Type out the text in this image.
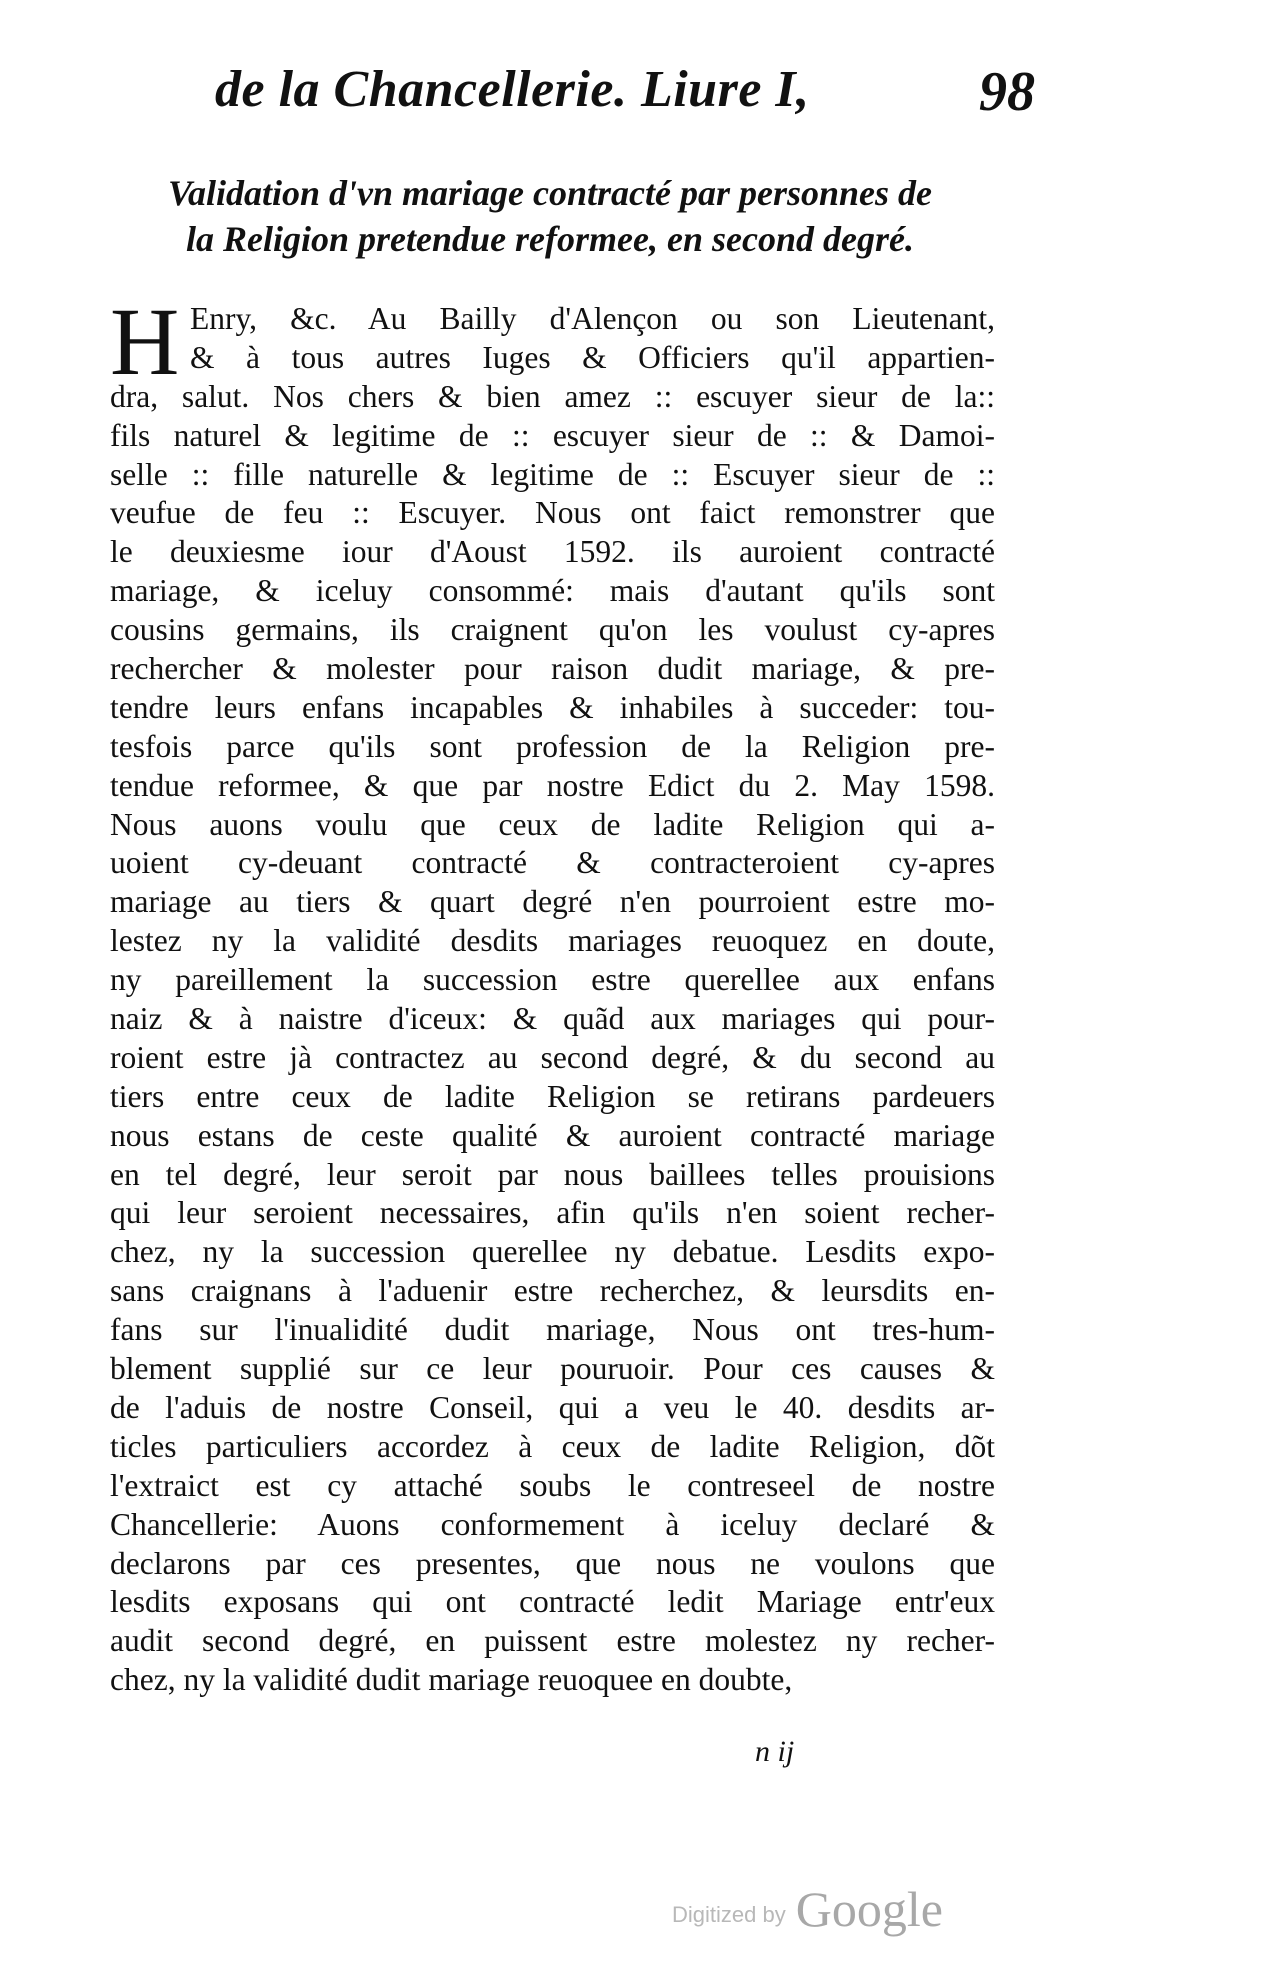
de la Chancellerie. Liure I,	98
Validation d'vn mariage contracté par personnes de
la Religion pretendue reformee, en second degré.
H Enry, &c. Au Bailly d'Alençon ou son Lieutenant,
& à tous autres Iuges & Officiers qu'il appartien-
dra, salut. Nos chers & bien amez :: escuyer sieur de la::
fils naturel & legitime de :: escuyer sieur de :: & Damoi-
selle :: fille naturelle & legitime de :: Escuyer sieur de ::
veufue de feu :: Escuyer. Nous ont faict remonstrer que
le deuxiesme iour d'Aoust 1592. ils auroient contracté
mariage, & iceluy consommé: mais d'autant qu'ils sont
cousins germains, ils craignent qu'on les voulust cy-apres
rechercher & molester pour raison dudit mariage, & pre-
tendre leurs enfans incapables & inhabiles à succeder: tou-
tesfois parce qu'ils sont profession de la Religion pre-
tendue reformee, & que par nostre Edict du 2. May 1598.
Nous auons voulu que ceux de ladite Religion qui a-
uoient cy-deuant contracté & contracteroient cy-apres
mariage au tiers & quart degré n'en pourroient estre mo-
lestez ny la validité desdits mariages reuoquez en doute,
ny pareillement la succession estre querellee aux enfans
naiz & à naistre d'iceux: & quãd aux mariages qui pour-
roient estre jà contractez au second degré, & du second au
tiers entre ceux de ladite Religion se retirans pardeuers
nous estans de ceste qualité & auroient contracté mariage
en tel degré, leur seroit par nous baillees telles prouisions
qui leur seroient necessaires, afin qu'ils n'en soient recher-
chez, ny la succession querellee ny debatue. Lesdits expo-
sans craignans à l'aduenir estre recherchez, & leursdits en-
fans sur l'inualidité dudit mariage, Nous ont tres-hum-
blement supplié sur ce leur pouruoir. Pour ces causes &
de l'aduis de nostre Conseil, qui a veu le 40. desdits ar-
ticles particuliers accordez à ceux de ladite Religion, dõt
l'extraict est cy attaché soubs le contreseel de nostre
Chancellerie: Auons conformement à iceluy declaré &
declarons par ces presentes, que nous ne voulons que
lesdits exposans qui ont contracté ledit Mariage entr'eux
audit second degré, en puissent estre molestez ny recher-
chez, ny la validité dudit mariage reuoquee en doubte,
n ij
Digitized by Google
